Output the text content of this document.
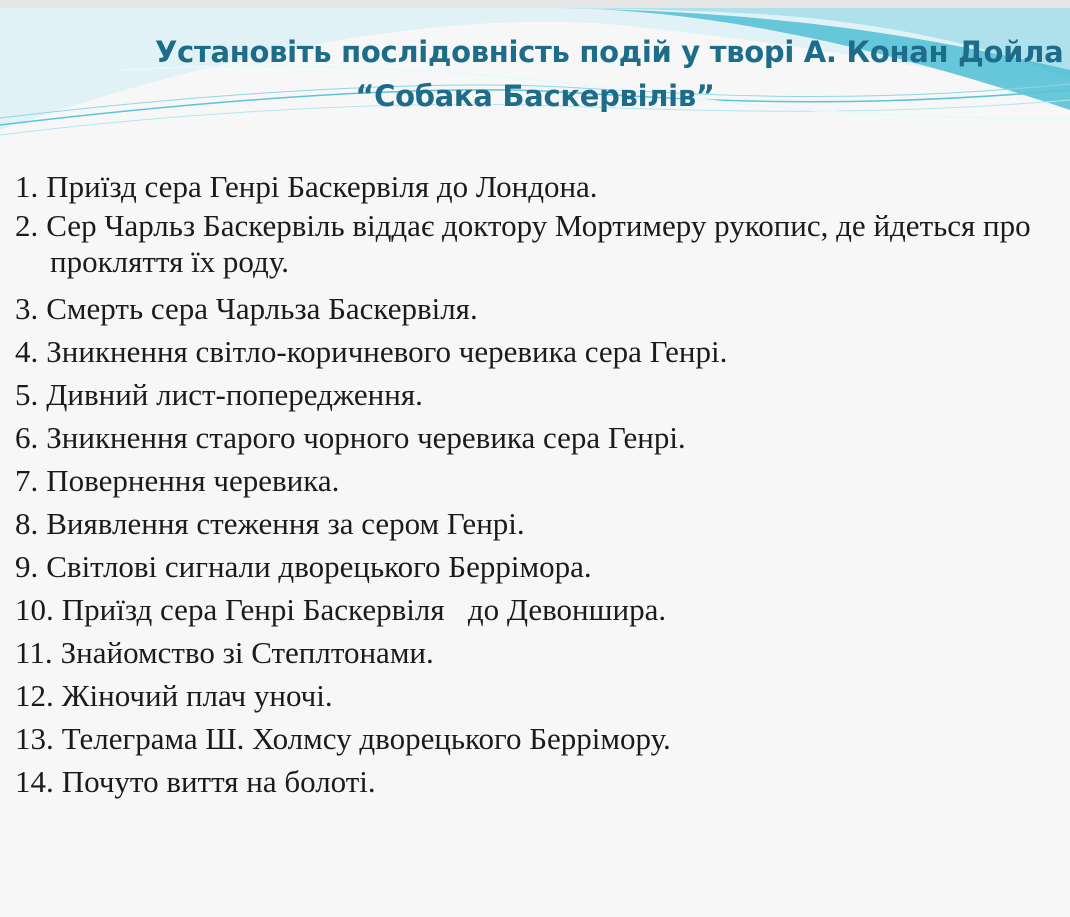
Установіть послідовність подій у творі А. Конан Дойла
“Собака Баскервілів”
1. Приїзд сера Генрі Баскервіля до Лондона.
2. Сер Чарльз Баскервіль віддає доктору Мортимеру рукопис, де йдеться про прокляття їх роду.
3. Смерть сера Чарльза Баскервіля.
4. Зникнення світло-коричневого черевика сера Генрі.
5. Дивний лист-попередження.
6. Зникнення старого чорного черевика сера Генрі.
7. Повернення черевика.
8. Виявлення стеження за сером Генрі.
9. Світлові сигнали дворецького Беррімора.
10. Приїзд сера Генрі Баскервіля   до Девоншира.
11. Знайомство зі Степлтонами.
12. Жіночий плач уночі.
13. Телеграма Ш. Холмсу дворецького Беррімору.
14. Почуто виття на болоті.
